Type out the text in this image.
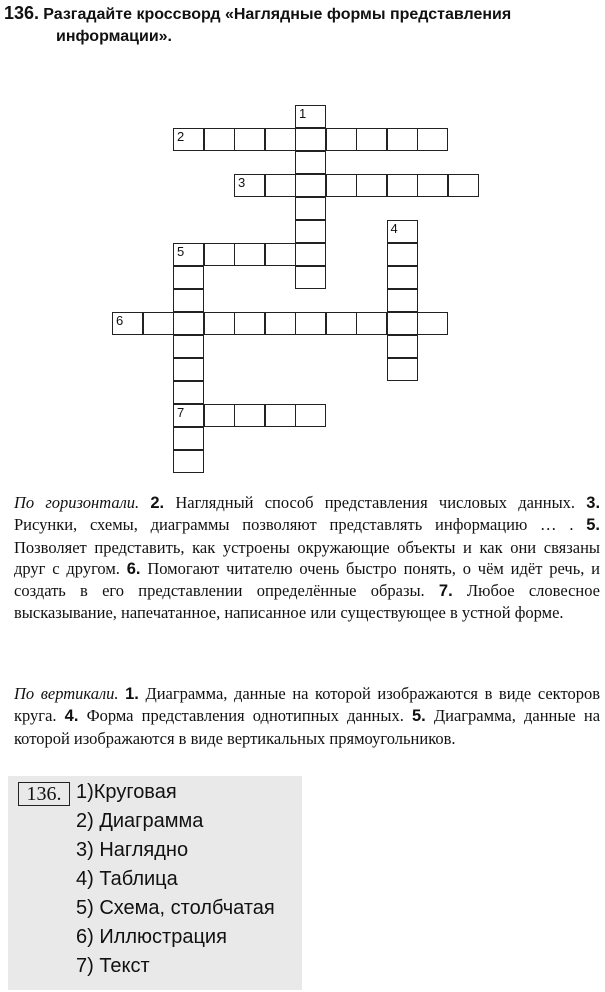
136. Разгадайте кроссворд «Наглядные формы представления
информации».
1
2
3
4
5
7
6
По горизонтали. 2. Наглядный способ представления числовых данных. 3. Рисунки, схемы, диаграммы позволяют представлять информацию … . 5. Позволяет представить, как устроены окружающие объекты и как они связаны друг с другом. 6. Помогают читателю очень быстро понять, о чём идёт речь, и создать в его представлении определённые образы. 7. Любое словесное высказывание, напечатанное, написанное или существующее в устной форме.
По вертикали. 1. Диаграмма, данные на которой изображаются в виде секторов круга. 4. Форма представления однотипных данных. 5. Диаграмма, данные на которой изображаются в виде вертикальных прямоугольников.
136. 1)Круговая
2) Диаграмма
3) Наглядно
4) Таблица
5) Схема, столбчатая
6) Иллюстрация
7) Текст
